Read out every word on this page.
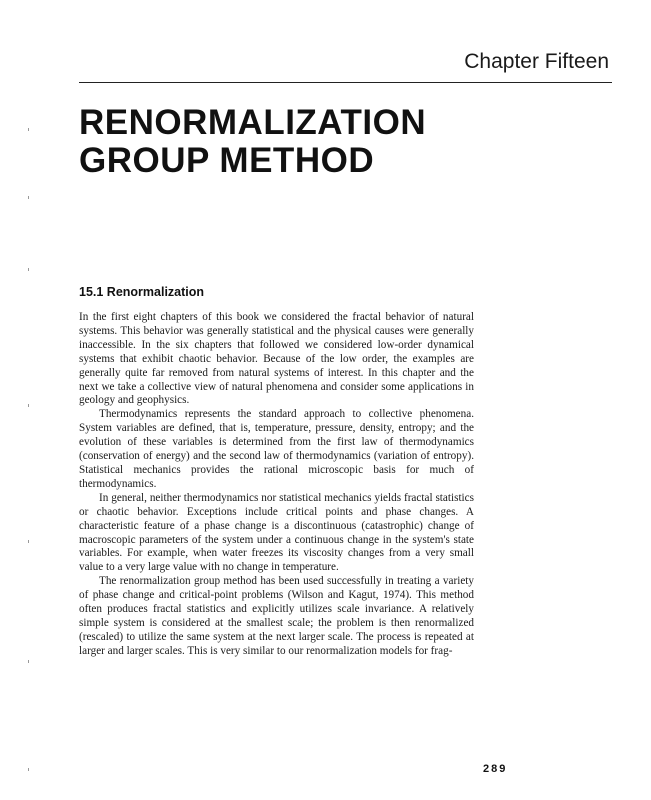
Chapter Fifteen
RENORMALIZATION
GROUP METHOD
15.1 Renormalization

In the first eight chapters of this book we considered the fractal behavior of natural systems. This behavior was generally statistical and the physical causes were generally inaccessible. In the six chapters that followed we considered low-order dynamical systems that exhibit chaotic behavior. Because of the low order, the examples are generally quite far removed from natural systems of interest. In this chapter and the next we take a collective view of natural phenomena and consider some applications in geology and geophysics.

Thermodynamics represents the standard approach to collective phenomena. System variables are defined, that is, temperature, pressure, density, entropy; and the evolution of these variables is determined from the first law of thermodynamics (conservation of energy) and the second law of thermodynamics (variation of entropy). Statistical mechanics provides the rational microscopic basis for much of thermodynamics.

In general, neither thermodynamics nor statistical mechanics yields fractal statistics or chaotic behavior. Exceptions include critical points and phase changes. A characteristic feature of a phase change is a discontinuous (catastrophic) change of macroscopic parameters of the system under a continuous change in the system's state variables. For example, when water freezes its viscosity changes from a very small value to a very large value with no change in temperature.

The renormalization group method has been used successfully in treating a variety of phase change and critical-point problems (Wilson and Kagut, 1974). This method often produces fractal statistics and explicitly utilizes scale invariance. A relatively simple system is considered at the smallest scale; the problem is then renormalized (rescaled) to utilize the same system at the next larger scale. The process is repeated at larger and larger scales. This is very similar to our renormalization models for frag-

289
